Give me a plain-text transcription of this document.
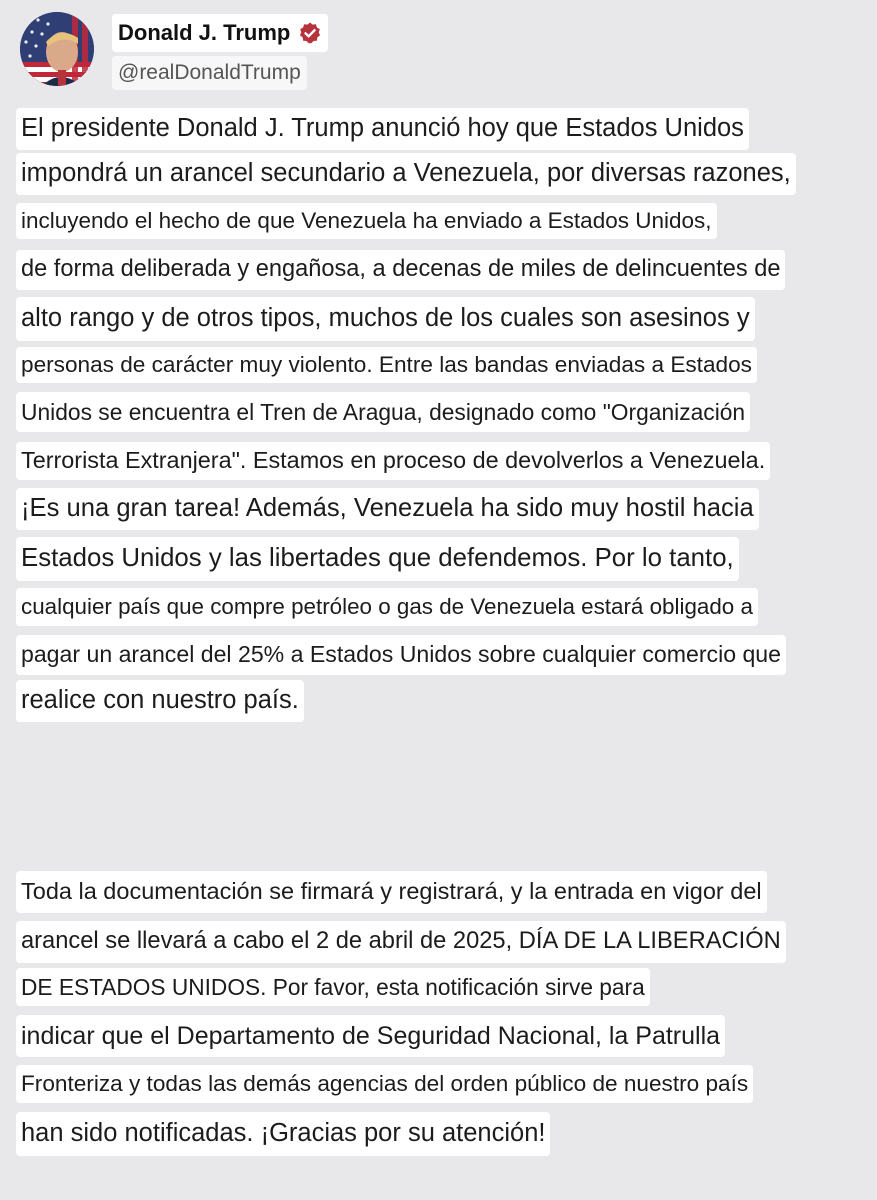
Donald J. Trump
@realDonaldTrump
El presidente Donald J. Trump anunció hoy que Estados Unidos
impondrá un arancel secundario a Venezuela, por diversas razones,
incluyendo el hecho de que Venezuela ha enviado a Estados Unidos,
de forma deliberada y engañosa, a decenas de miles de delincuentes de
alto rango y de otros tipos, muchos de los cuales son asesinos y
personas de carácter muy violento. Entre las bandas enviadas a Estados
Unidos se encuentra el Tren de Aragua, designado como "Organización
Terrorista Extranjera". Estamos en proceso de devolverlos a Venezuela.
¡Es una gran tarea! Además, Venezuela ha sido muy hostil hacia
Estados Unidos y las libertades que defendemos. Por lo tanto,
cualquier país que compre petróleo o gas de Venezuela estará obligado a
pagar un arancel del 25% a Estados Unidos sobre cualquier comercio que
realice con nuestro país.
Toda la documentación se firmará y registrará, y la entrada en vigor del
arancel se llevará a cabo el 2 de abril de 2025, DÍA DE LA LIBERACIÓN
DE ESTADOS UNIDOS. Por favor, esta notificación sirve para
indicar que el Departamento de Seguridad Nacional, la Patrulla
Fronteriza y todas las demás agencias del orden público de nuestro país
han sido notificadas. ¡Gracias por su atención!
